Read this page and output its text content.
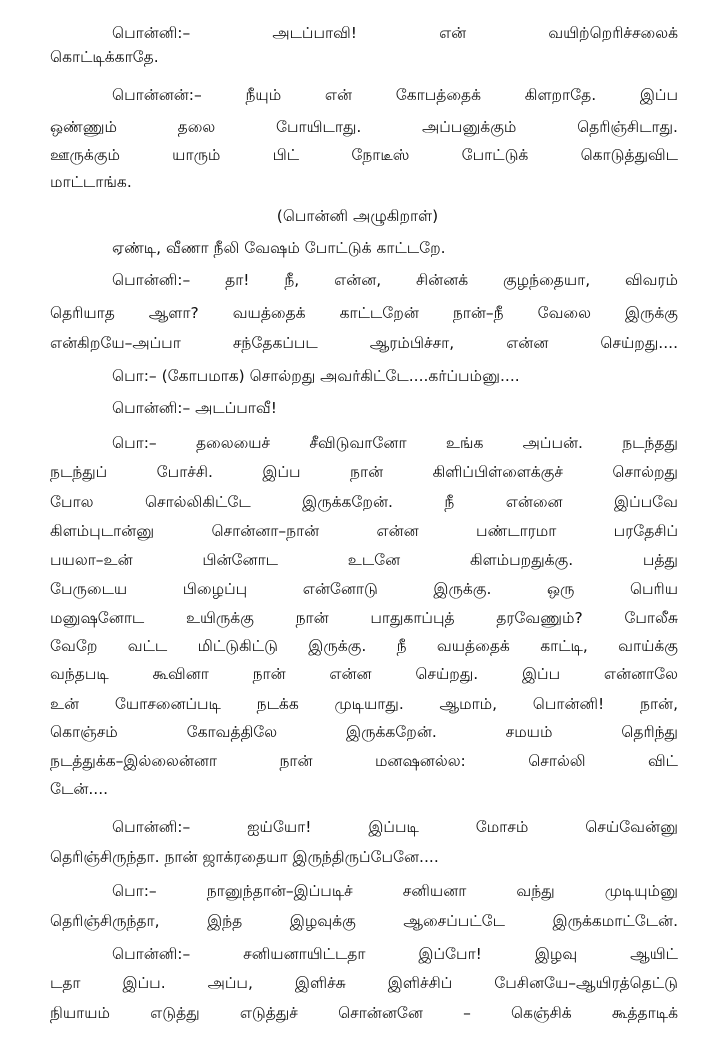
பொன்னி:– அடப்பாவி! என் வயிற்றெரிச்சலைக்
கொட்டிக்காதே.
பொன்னன்:– நீயும் என் கோபத்தைக் கிளறாதே. இப்ப
ஒண்ணும் தலை போயிடாது. அப்பனுக்கும் தெரிஞ்சிடாது.
ஊருக்கும் யாரும் பிட் நோடீஸ் போட்டுக் கொடுத்துவிட
மாட்டாங்க.
(பொன்னி அழுகிறாள்)
ஏண்டி, வீணா நீலி வேஷம் போட்டுக் காட்டறே.
பொன்னி:– தா! நீ, என்ன, சின்னக் குழந்தையா, விவரம்
தெரியாத ஆளா? வயத்தைக் காட்டறேன் நான்–நீ வேலை இருக்கு
என்கிறயே–அப்பா சந்தேகப்பட ஆரம்பிச்சா, என்ன செய்றது....
பொ:– (கோபமாக) சொல்றது அவர்கிட்டே....கர்ப்பம்னு....
பொன்னி:– அடப்பாவீ!
பொ:– தலையைச் சீவிடுவானோ உங்க அப்பன். நடந்தது
நடந்துப் போச்சி. இப்ப நான் கிளிப்பிள்ளைக்குச் சொல்றது
போல சொல்லிகிட்டே இருக்கறேன். நீ என்னை இப்பவே
கிளம்புடான்னு சொன்னா–நான் என்ன பண்டாரமா பரதேசிப்
பயலா–உன் பின்னோட உடனே கிளம்பறதுக்கு. பத்து
பேருடைய பிழைப்பு என்னோடு இருக்கு. ஒரு பெரிய
மனுஷனோட உயிருக்கு நான் பாதுகாப்புத் தரவேணும்? போலீசு
வேறே வட்ட மிட்டுகிட்டு இருக்கு. நீ வயத்தைக் காட்டி, வாய்க்கு
வந்தபடி கூவினா நான் என்ன செய்றது. இப்ப என்னாலே
உன் யோசனைப்படி நடக்க முடியாது. ஆமாம், பொன்னி! நான்,
கொஞ்சம் கோவத்திலே இருக்கறேன். சமயம் தெரிந்து
நடத்துக்க–இல்லைன்னா நான் மனஷனல்ல: சொல்லி விட்
டேன்....
பொன்னி:– ஐய்யோ! இப்படி மோசம் செய்வேன்னு
தெரிஞ்சிருந்தா. நான் ஜாக்ரதையா இருந்திருப்பேனே....
பொ:– நானுந்தான்–இப்படிச் சனியனா வந்து முடியும்னு
தெரிஞ்சிருந்தா, இந்த இழவுக்கு ஆசைப்பட்டே இருக்கமாட்டேன்.
பொன்னி:– சனியனாயிட்டதா இப்போ! இழவு ஆயிட்
டதா இப்ப. அப்ப, இளிச்சு இளிச்சிப் பேசினயே–ஆயிரத்தெட்டு
நியாயம் எடுத்து எடுத்துச் சொன்னனே – கெஞ்சிக் கூத்தாடிக்
